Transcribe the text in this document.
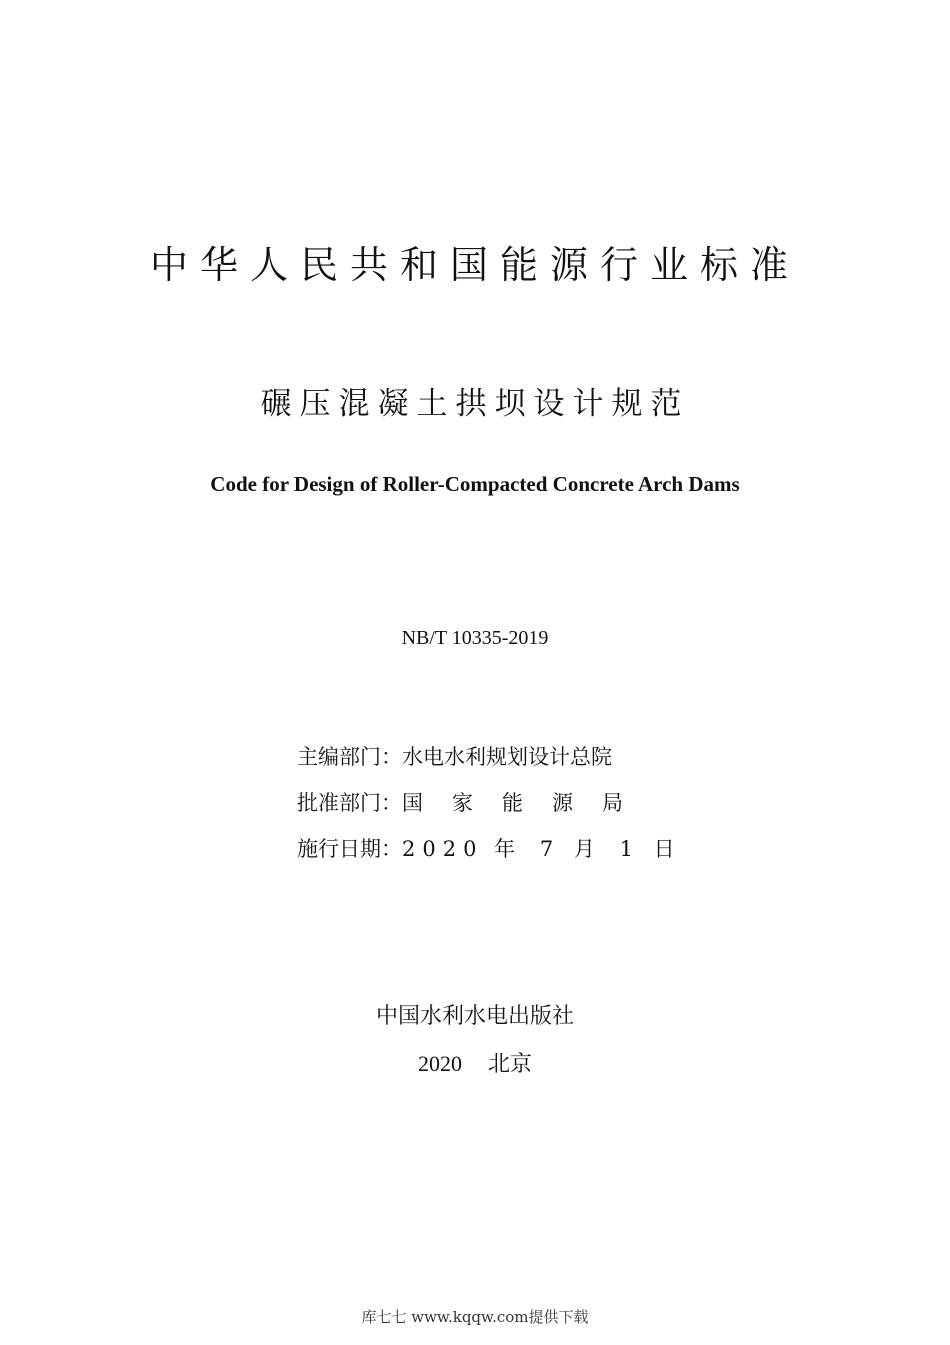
中华人民共和国能源行业标准
碾压混凝土拱坝设计规范
Code for Design of Roller-Compacted Concrete Arch Dams
NB/T 10335-2019
主编部门：水电水利规划设计总院
批准部门：国家能源局
施行日期：2020 年 7 月 1 日
中国水利水电出版社
2020 北京
库七七 www.kqqw.com提供下载
